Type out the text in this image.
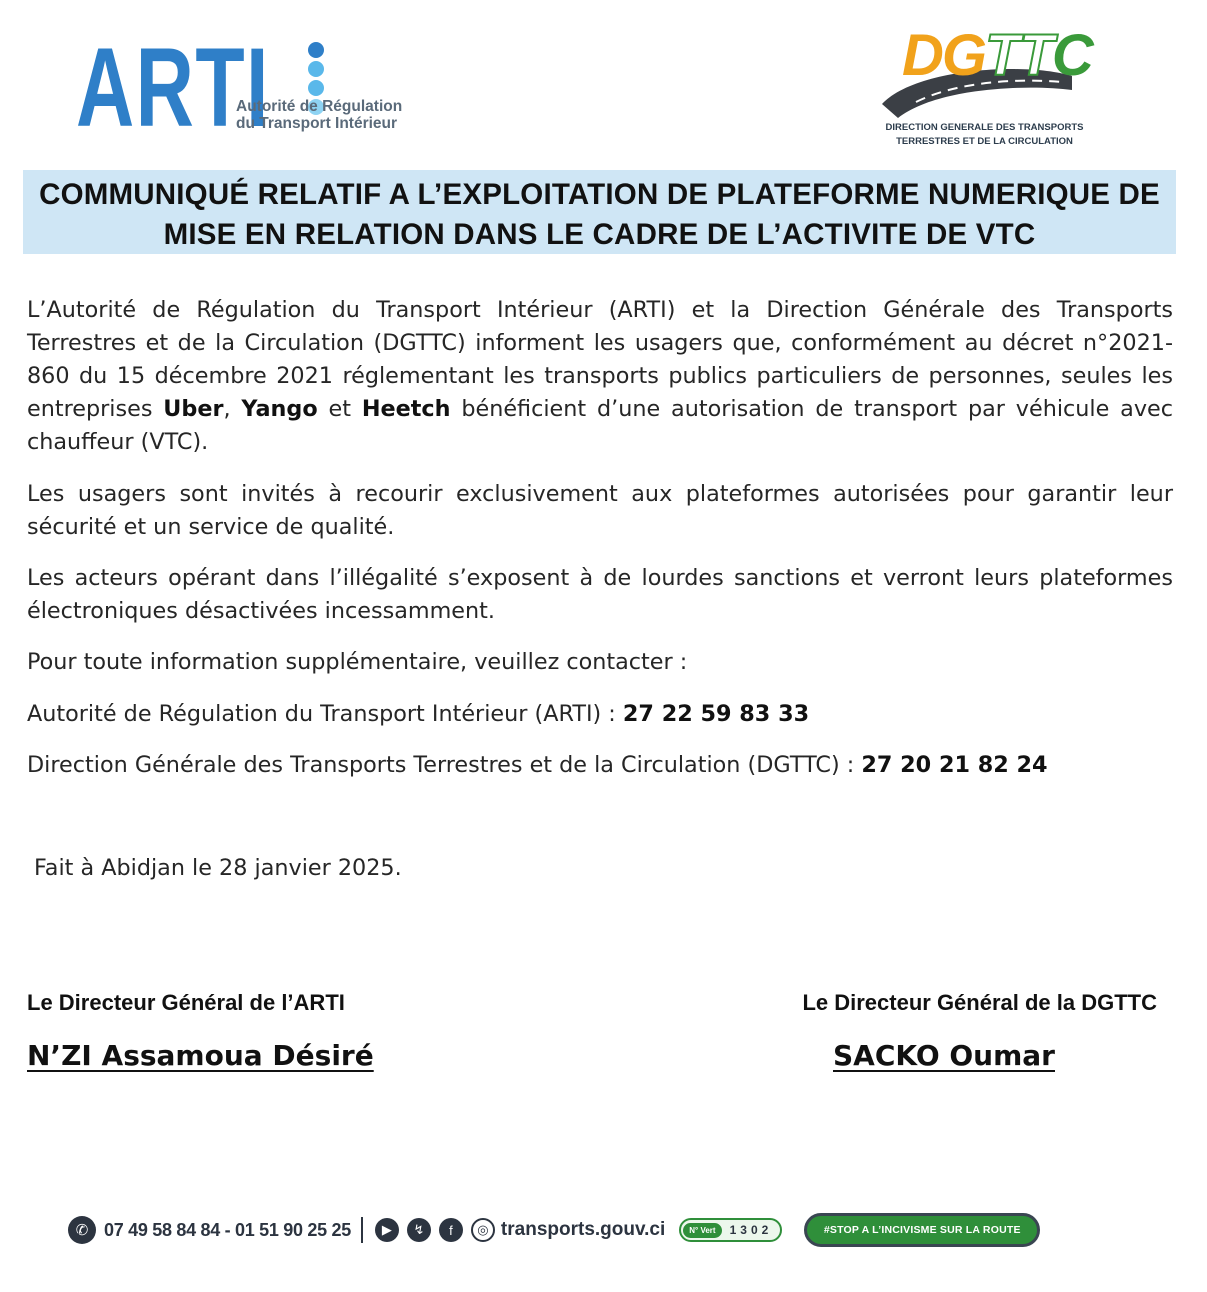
ARTI
Autorité de Régulation
du Transport Intérieur
DGTTC
DIRECTION GENERALE DES TRANSPORTS
TERRESTRES ET DE LA CIRCULATION
COMMUNIQUÉ RELATIF A L’EXPLOITATION DE PLATEFORME NUMERIQUE DE
MISE EN RELATION DANS LE CADRE DE L’ACTIVITE DE VTC

L’Autorité de Régulation du Transport Intérieur (ARTI) et la Direction Générale des Transports Terrestres et de la Circulation (DGTTC) informent les usagers que, conformément au décret n°2021-860 du 15 décembre 2021 réglementant les transports publics particuliers de personnes, seules les entreprises Uber, Yango et Heetch bénéficient d’une autorisation de transport par véhicule avec chauffeur (VTC).

Les usagers sont invités à recourir exclusivement aux plateformes autorisées pour garantir leur sécurité et un service de qualité.

Les acteurs opérant dans l’illégalité s’exposent à de lourdes sanctions et verront leurs plateformes électroniques désactivées incessamment.

Pour toute information supplémentaire, veuillez contacter :

Autorité de Régulation du Transport Intérieur (ARTI) : 27 22 59 83 33

Direction Générale des Transports Terrestres et de la Circulation (DGTTC) : 27 20 21 82 24

Fait à Abidjan le 28 janvier 2025.

Le Directeur Général de l’ARTI	Le Directeur Général de la DGTTC
N’ZI Assamoua Désiré	SACKO Oumar
✆ 07 49 58 84 84 - 01 51 90 25 25	▶	↯	f	◎ transports.gouv.ci	N° Vert	1302	#STOP A L’INCIVISME SUR LA ROUTE
